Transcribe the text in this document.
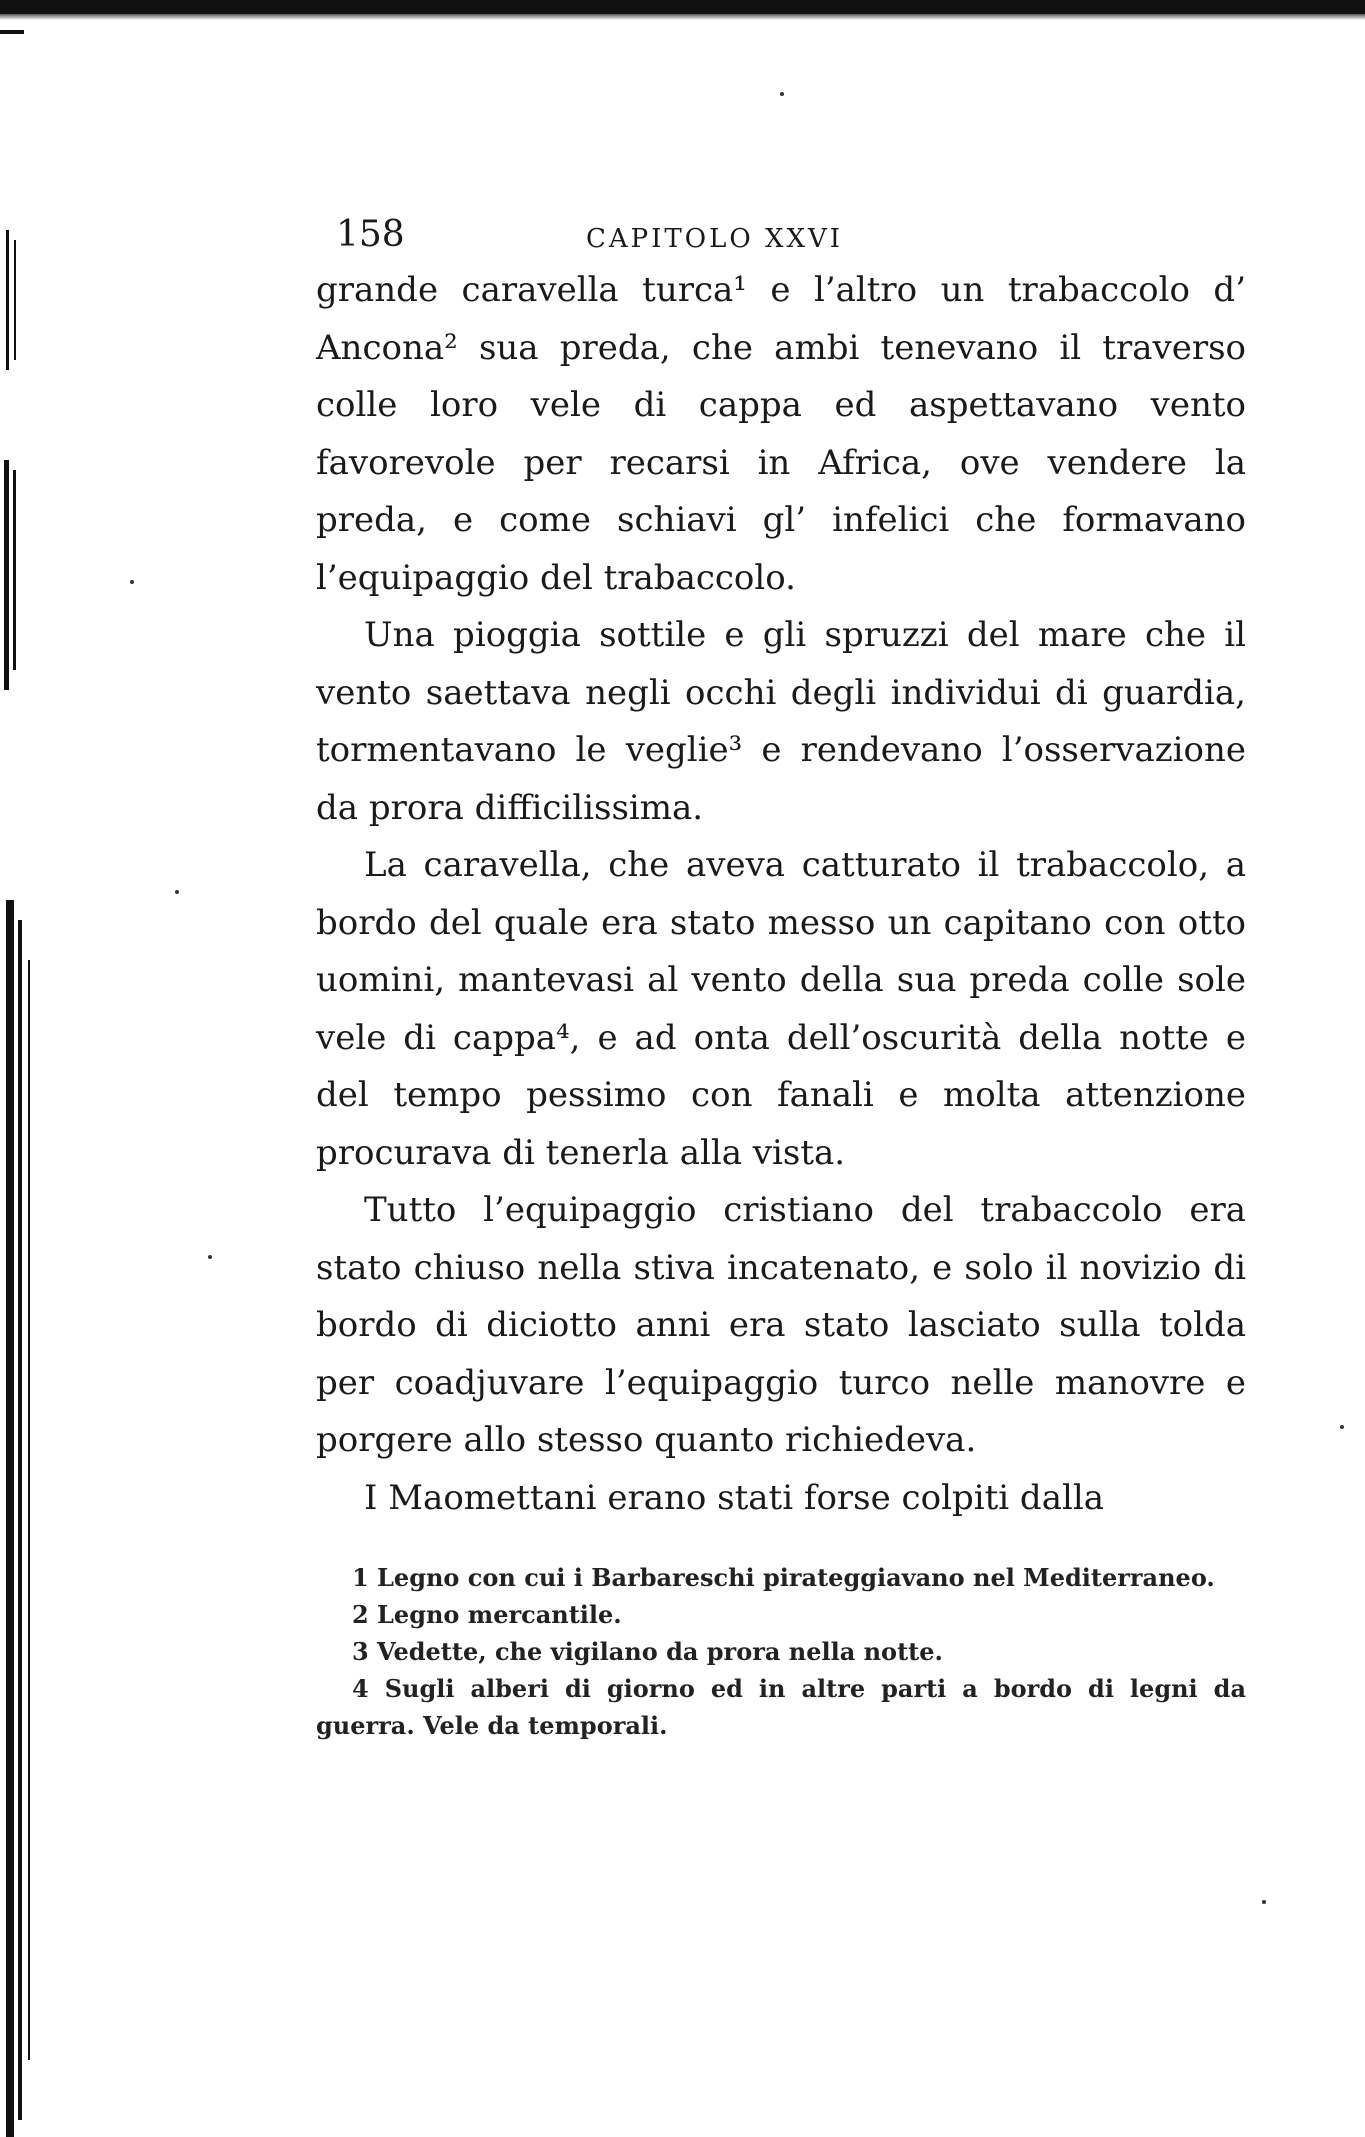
158	CAPITOLO XXVI

grande caravella turca¹ e l’altro un trabaccolo d’ Ancona² sua preda, che ambi tenevano il traverso colle loro vele di cappa ed aspettavano vento favorevole per recarsi in Africa, ove vendere la preda, e come schiavi gl’ infelici che formavano l’equipaggio del trabaccolo.

Una pioggia sottile e gli spruzzi del mare che il vento saettava negli occhi degli individui di guardia, tormentavano le veglie³ e rendevano l’osservazione da prora difficilissima.

La caravella, che aveva catturato il trabaccolo, a bordo del quale era stato messo un capitano con otto uomini, mantevasi al vento della sua preda colle sole vele di cappa⁴, e ad onta dell’oscurità della notte e del tempo pessimo con fanali e molta attenzione procurava di tenerla alla vista.

Tutto l’equipaggio cristiano del trabaccolo era stato chiuso nella stiva incatenato, e solo il novizio di bordo di diciotto anni era stato lasciato sulla tolda per coadjuvare l’equipaggio turco nelle manovre e porgere allo stesso quanto richiedeva.

I Maomettani erano stati forse colpiti dalla

1 Legno con cui i Barbareschi pirateggiavano nel Mediterraneo.

2 Legno mercantile.

3 Vedette, che vigilano da prora nella notte.

4 Sugli alberi di giorno ed in altre parti a bordo di legni da guerra. Vele da temporali.
